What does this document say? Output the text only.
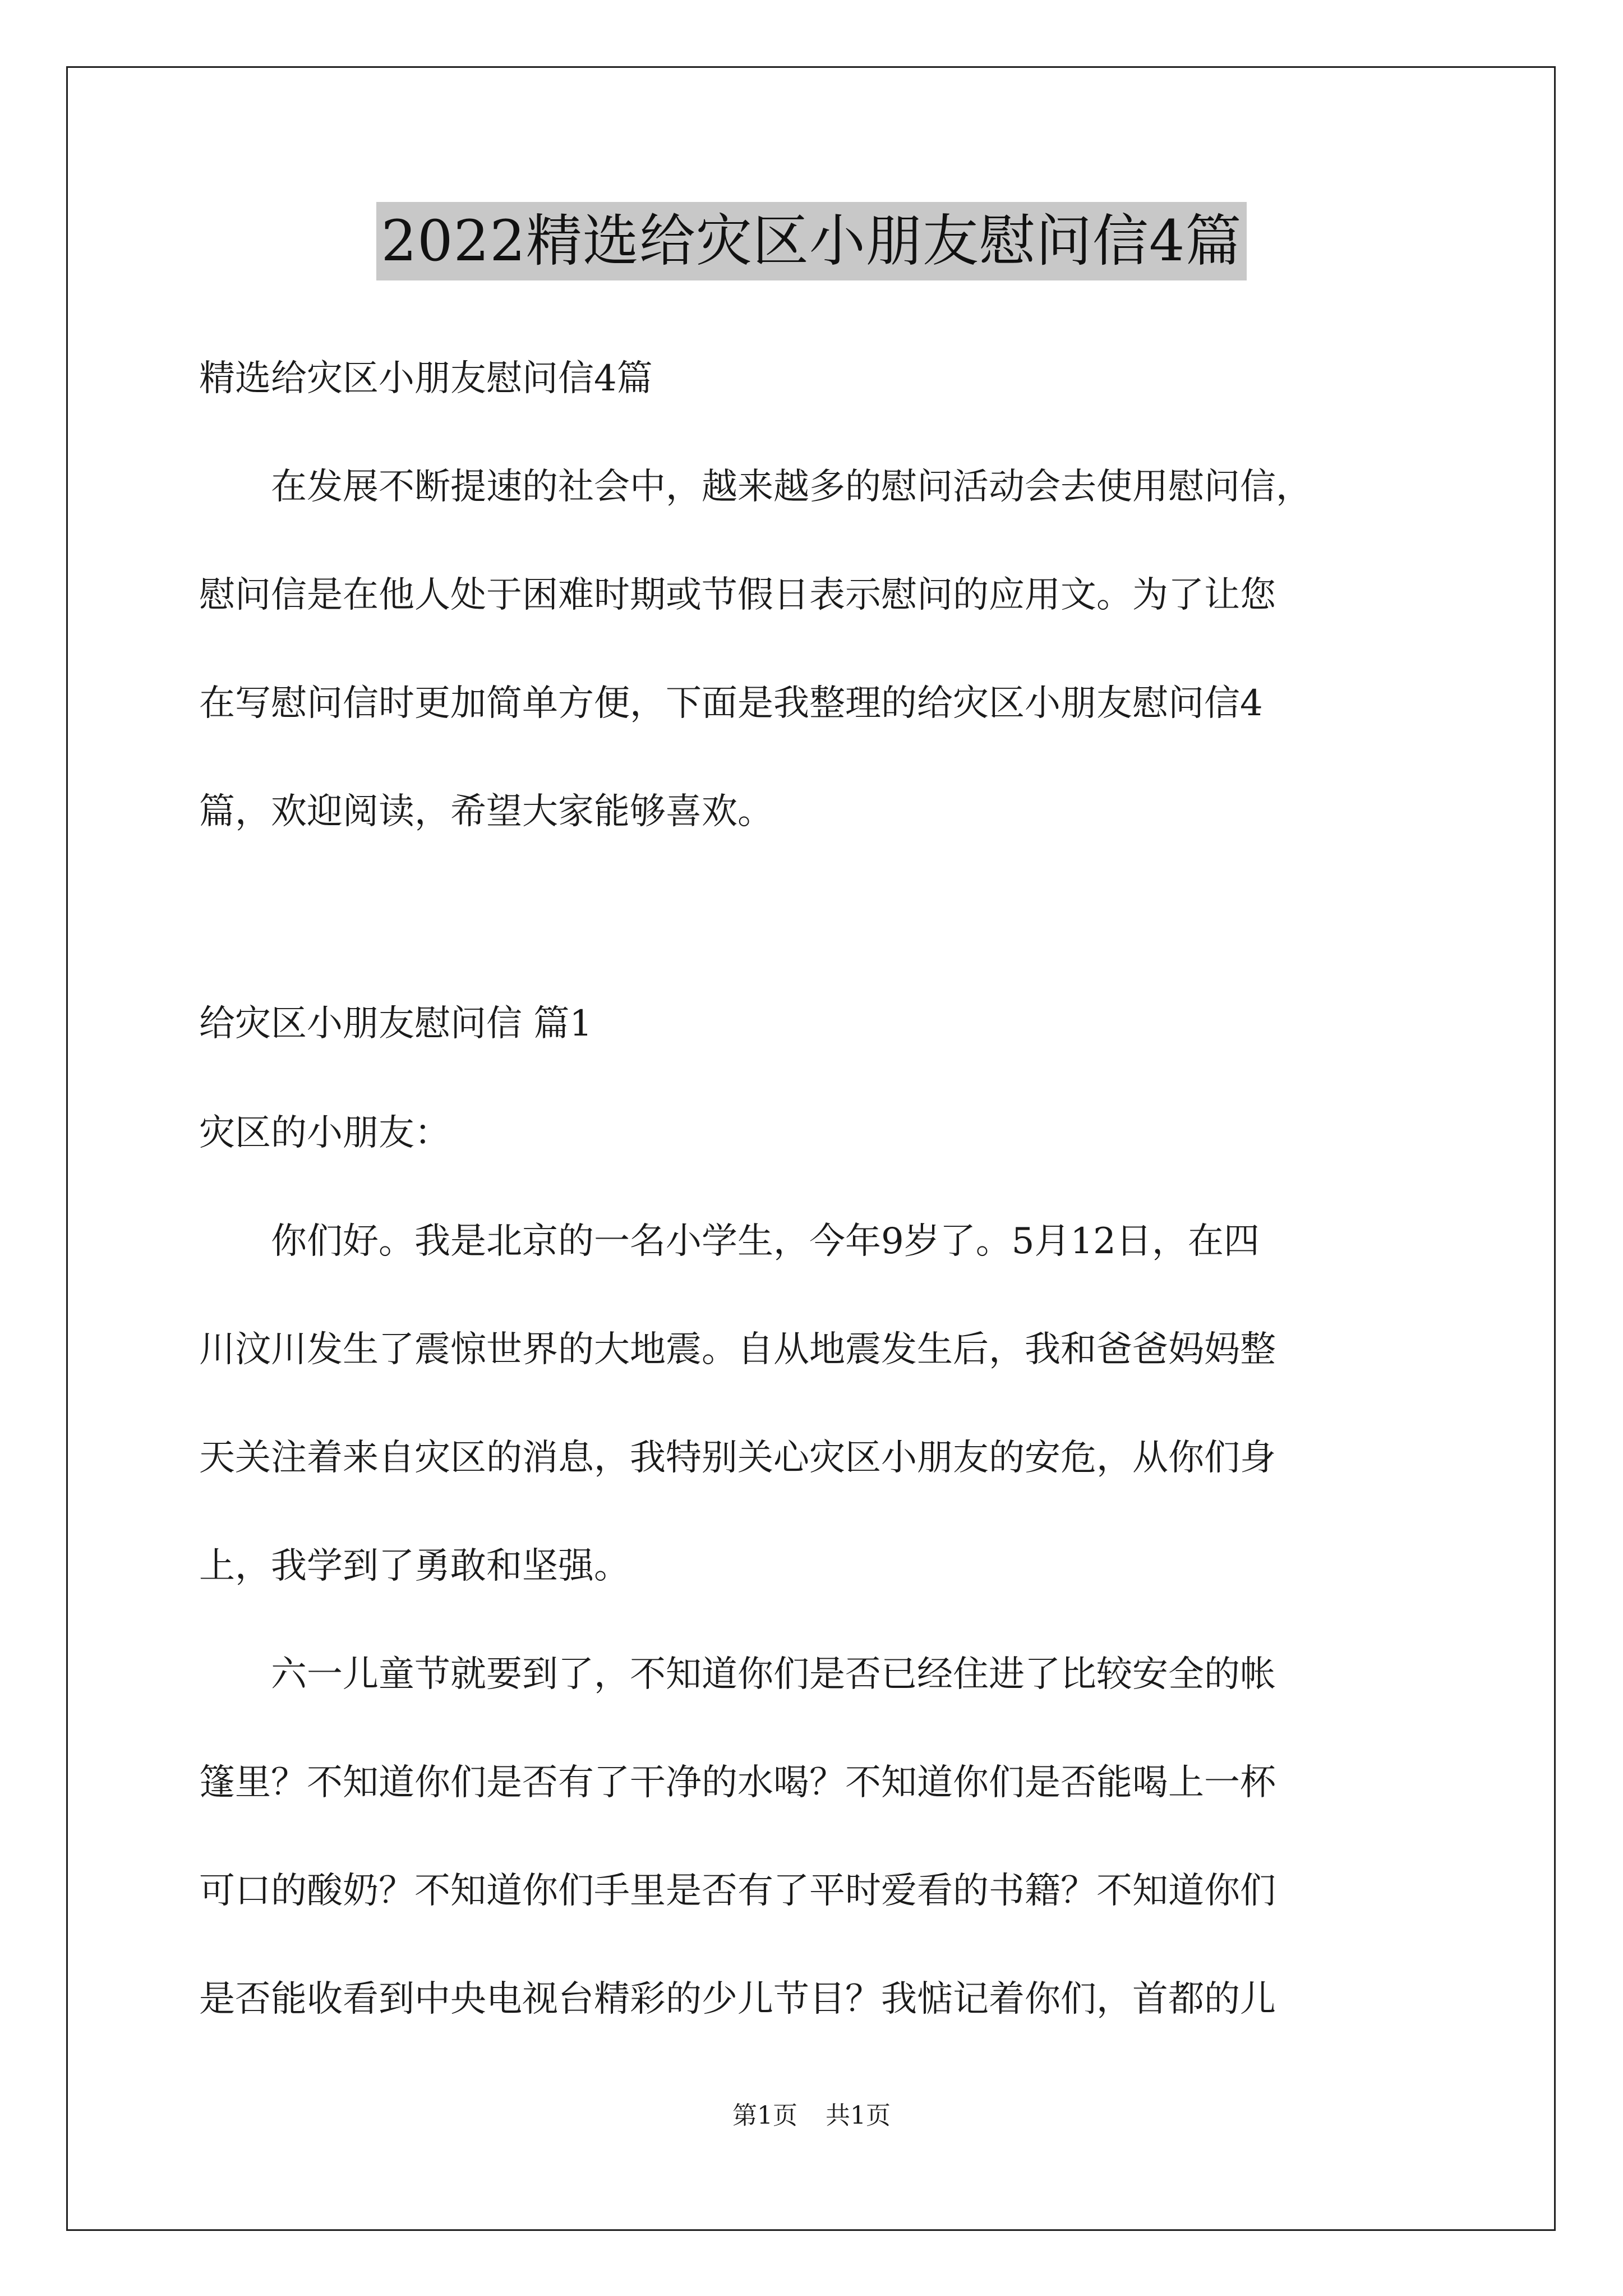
2022精选给灾区小朋友慰问信4篇
精选给灾区小朋友慰问信4篇
　　在发展不断提速的社会中，越来越多的慰问活动会去使用慰问信，
慰问信是在他人处于困难时期或节假日表示慰问的应用文。为了让您
在写慰问信时更加简单方便，下面是我整理的给灾区小朋友慰问信4
篇，欢迎阅读，希望大家能够喜欢。
给灾区小朋友慰问信 篇1
灾区的小朋友：
　　你们好。我是北京的一名小学生，今年9岁了。5月12日，在四
川汶川发生了震惊世界的大地震。自从地震发生后，我和爸爸妈妈整
天关注着来自灾区的消息，我特别关心灾区小朋友的安危，从你们身
上，我学到了勇敢和坚强。
　　六一儿童节就要到了，不知道你们是否已经住进了比较安全的帐
篷里？不知道你们是否有了干净的水喝？不知道你们是否能喝上一杯
可口的酸奶？不知道你们手里是否有了平时爱看的书籍？不知道你们
是否能收看到中央电视台精彩的少儿节目？我惦记着你们，首都的儿
第1页 共1页
